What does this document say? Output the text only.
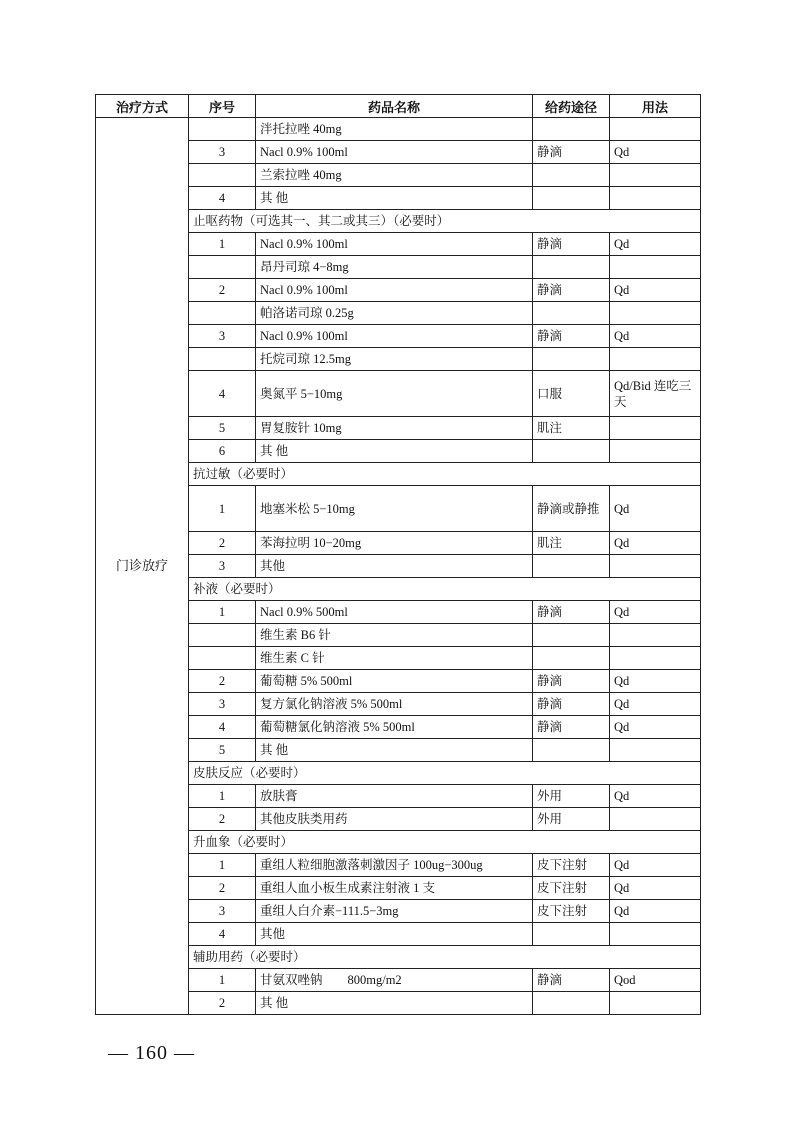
治疗方式	序号	药品名称	给药途径	用法
门诊放疗		泮托拉唑 40mg		
	3	Nacl 0.9% 100ml	静滴	Qd
		兰索拉唑 40mg		
	4	其 他		
	止呕药物（可选其一、其二或其三）（必要时）			
	1	Nacl 0.9% 100ml	静滴	Qd
		昂丹司琼 4−8mg		
	2	Nacl 0.9% 100ml	静滴	Qd
		帕洛诺司琼 0.25g		
	3	Nacl 0.9% 100ml	静滴	Qd
		托烷司琼 12.5mg		
	4	奥氮平 5−10mg	口服	Qd/Bid 连吃三天
	5	胃复胺针 10mg	肌注	
	6	其 他		
	抗过敏（必要时）			
	1	地塞米松 5−10mg	静滴或静推	Qd
	2	苯海拉明 10−20mg	肌注	Qd
	3	其他		
	补液（必要时）			
	1	Nacl 0.9% 500ml	静滴	Qd
		维生素 B6 针		
		维生素 C 针		
	2	葡萄糖 5% 500ml	静滴	Qd
	3	复方氯化钠溶液 5% 500ml	静滴	Qd
	4	葡萄糖氯化钠溶液 5% 500ml	静滴	Qd
	5	其 他		
	皮肤反应（必要时）			
	1	放肤膏	外用	Qd
	2	其他皮肤类用药	外用	
	升血象（必要时）			
	1	重组人粒细胞激落刺激因子 100ug−300ug	皮下注射	Qd
	2	重组人血小板生成素注射液 1 支	皮下注射	Qd
	3	重组人白介素−111.5−3mg	皮下注射	Qd
	4	其他		
	辅助用药（必要时）			
	1	甘氨双唑钠　　800mg/m2	静滴	Qod
	2	其 他		
— 160 —
